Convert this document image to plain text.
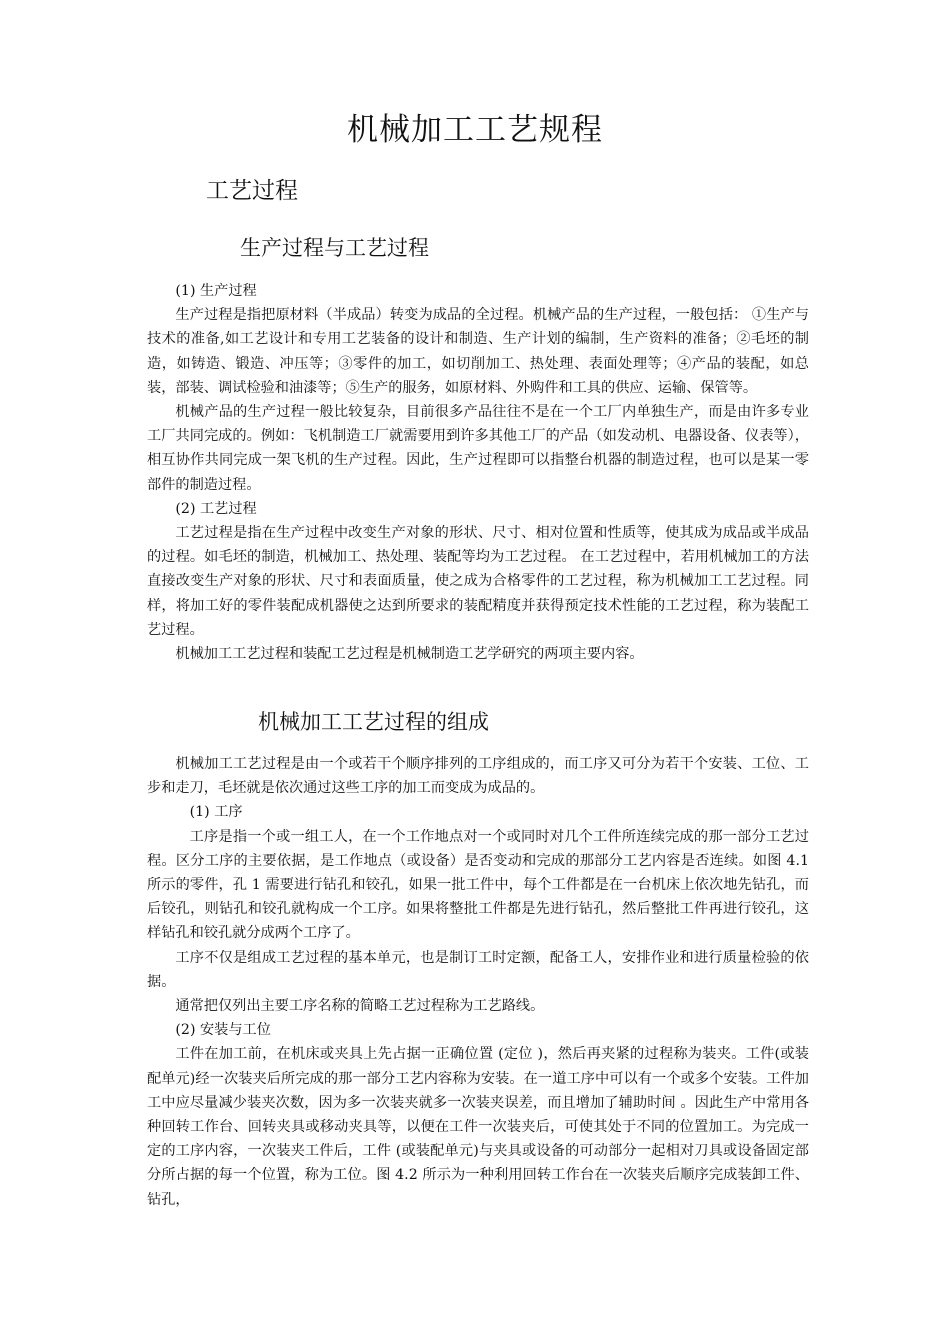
机械加工工艺规程
工艺过程
生产过程与工艺过程

(1) 生产过程

生产过程是指把原材料（半成品）转变为成品的全过程。机械产品的生产过程，一般包括： ①生产与技术的准备,如工艺设计和专用工艺装备的设计和制造、生产计划的编制，生产资料的准备；②毛坯的制造，如铸造、锻造、冲压等；③零件的加工，如切削加工、热处理、表面处理等；④产品的装配，如总装，部装、调试检验和油漆等；⑤生产的服务，如原材料、外购件和工具的供应、运输、保管等。

机械产品的生产过程一般比较复杂，目前很多产品往往不是在一个工厂内单独生产，而是由许多专业工厂共同完成的。例如：飞机制造工厂就需要用到许多其他工厂的产品（如发动机、电器设备、仪表等），相互协作共同完成一架飞机的生产过程。因此，生产过程即可以指整台机器的制造过程，也可以是某一零部件的制造过程。

(2) 工艺过程

工艺过程是指在生产过程中改变生产对象的形状、尺寸、相对位置和性质等，使其成为成品或半成品的过程。如毛坯的制造，机械加工、热处理、装配等均为工艺过程。 在工艺过程中，若用机械加工的方法直接改变生产对象的形状、尺寸和表面质量，使之成为合格零件的工艺过程，称为机械加工工艺过程。同样，将加工好的零件装配成机器使之达到所要求的装配精度并获得预定技术性能的工艺过程，称为装配工艺过程。

机械加工工艺过程和装配工艺过程是机械制造工艺学研究的两项主要内容。

机械加工工艺过程的组成

机械加工工艺过程是由一个或若干个顺序排列的工序组成的，而工序又可分为若干个安装、工位、工步和走刀，毛坯就是依次通过这些工序的加工而变成为成品的。

(1) 工序

工序是指一个或一组工人，在一个工作地点对一个或同时对几个工件所连续完成的那一部分工艺过程。区分工序的主要依据，是工作地点（或设备）是否变动和完成的那部分工艺内容是否连续。如图 4.1 所示的零件，孔 1 需要进行钻孔和铰孔，如果一批工件中，每个工件都是在一台机床上依次地先钻孔，而后铰孔，则钻孔和铰孔就构成一个工序。如果将整批工件都是先进行钻孔，然后整批工件再进行铰孔，这样钻孔和铰孔就分成两个工序了。

工序不仅是组成工艺过程的基本单元，也是制订工时定额，配备工人，安排作业和进行质量检验的依据。

通常把仅列出主要工序名称的简略工艺过程称为工艺路线。

(2) 安装与工位

工件在加工前，在机床或夹具上先占据一正确位置 (定位 )，然后再夹紧的过程称为装夹。工件(或装配单元)经一次装夹后所完成的那一部分工艺内容称为安装。在一道工序中可以有一个或多个安装。工件加工中应尽量减少装夹次数，因为多一次装夹就多一次装夹误差，而且增加了辅助时间 。因此生产中常用各种回转工作台、回转夹具或移动夹具等，以便在工件一次装夹后，可使其处于不同的位置加工。为完成一定的工序内容，一次装夹工件后，工件 (或装配单元)与夹具或设备的可动部分一起相对刀具或设备固定部分所占据的每一个位置，称为工位。图 4.2 所示为一种利用回转工作台在一次装夹后顺序完成装卸工件、钻孔，
